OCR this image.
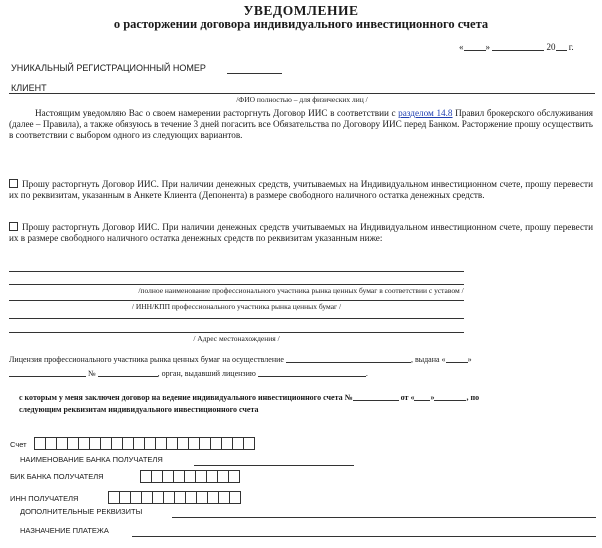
УВЕДОМЛЕНИЕ
о расторжении договора индивидуального инвестиционного счета
« »	20 г.
УНИКАЛЬНЫЙ РЕГИСТРАЦИОННЫЙ НОМЕР
КЛИЕНТ
/ФИО полностью – для физических лиц /
Настоящим уведомляю Вас о своем намерении расторгнуть Договор ИИС в соответствии с разделом 14.8 Правил брокерского обслуживания (далее – Правила), а также обязуюсь в течение 3 дней погасить все Обязательства по Договору ИИС перед Банком. Расторжение прошу осуществить в соответствии с выбором одного из следующих вариантов.
Прошу расторгнуть Договор ИИС. При наличии денежных средств, учитываемых на Индивидуальном инвестиционном счете, прошу перевести их по реквизитам, указанным в Анкете Клиента (Депонента) в размере свободного наличного остатка денежных средств.
Прошу расторгнуть Договор ИИС. При наличии денежных средств учитываемых на Индивидуальном инвестиционном счете, прошу перевести их в размере свободного наличного остатка денежных средств по реквизитам указанным ниже:
/полное наименование профессионального участника рынка ценных бумаг в соответствии с уставом /
/ ИНН/КПП профессионального участника рынка ценных бумаг /
/ Адрес местонахождения /
Лицензия профессионального участника рынка ценных бумаг на осуществление	, выдана «	»
№	, орган, выдавший лицензию	.
с которым у меня заключен договор на ведение индивидуального инвестиционного счета №	от « »	, по
следующим реквизитам индивидуального инвестиционного счета
Счет
НАИМЕНОВАНИЕ БАНКА ПОЛУЧАТЕЛЯ
БИК БАНКА ПОЛУЧАТЕЛЯ
ИНН ПОЛУЧАТЕЛЯ
ДОПОЛНИТЕЛЬНЫЕ РЕКВИЗИТЫ
НАЗНАЧЕНИЕ ПЛАТЕЖА
